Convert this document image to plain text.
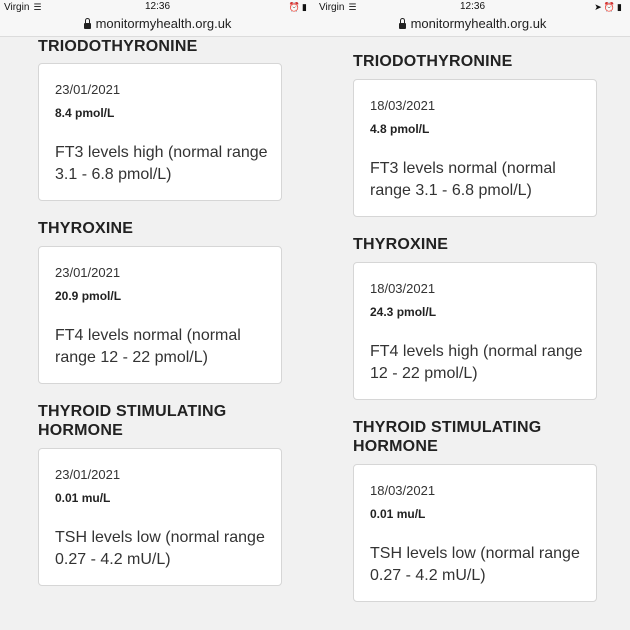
Virgin ☰	12:36	⏰▮
monitormyhealth.org.uk
TRIODOTHYRONINE
23/01/2021
8.4 pmol/L
FT3 levels high (normal range 3.1 - 6.8 pmol/L)
THYROXINE
23/01/2021
20.9 pmol/L
FT4 levels normal (normal range 12 - 22 pmol/L)
THYROID STIMULATING HORMONE
23/01/2021
0.01 mu/L
TSH levels low (normal range 0.27 - 4.2 mU/L)
Virgin ☰	12:36	➤⏰▮
monitormyhealth.org.uk
TRIODOTHYRONINE
18/03/2021
4.8 pmol/L
FT3 levels normal (normal range 3.1 - 6.8 pmol/L)
THYROXINE
18/03/2021
24.3 pmol/L
FT4 levels high (normal range 12 - 22 pmol/L)
THYROID STIMULATING HORMONE
18/03/2021
0.01 mu/L
TSH levels low (normal range 0.27 - 4.2 mU/L)
